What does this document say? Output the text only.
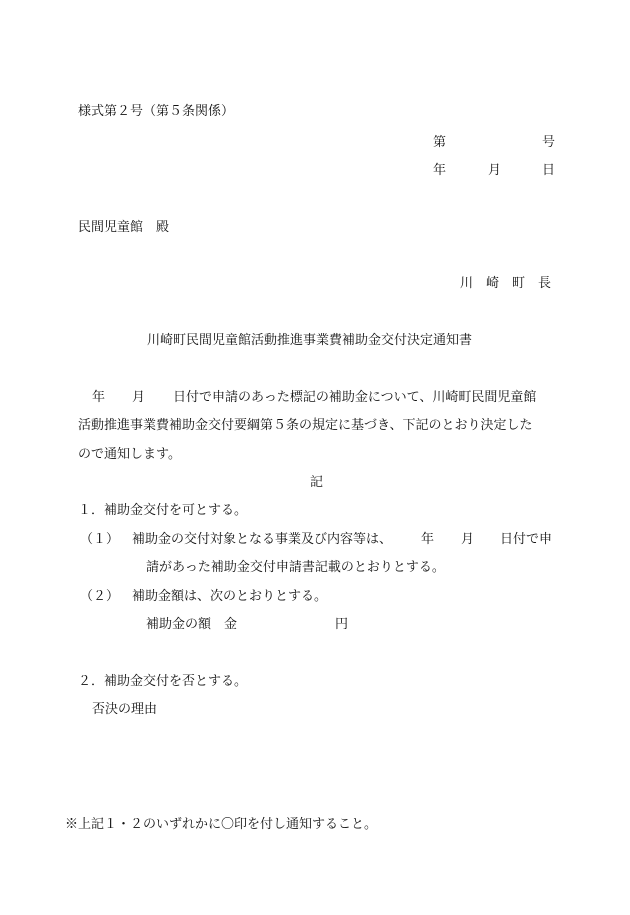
様式第２号（第５条関係）
第	号
年	月	日
民間児童館　殿
川　崎　町　長
川崎町民間児童館活動推進事業費補助金交付決定通知書
年 月 日付で申請のあった標記の補助金について、川崎町民間児童館
活動推進事業費補助金交付要綱第５条の規定に基づき、下記のとおり決定した
ので通知します。
記
１．補助金交付を可とする。
（１） 補助金の交付対象となる事業及び内容等は、 年 月 日付で申
請があった補助金交付申請書記載のとおりとする。
（２） 補助金額は、次のとおりとする。
補助金の額　金	円
２．補助金交付を否とする。
否決の理由
※上記１・２のいずれかに〇印を付し通知すること。
